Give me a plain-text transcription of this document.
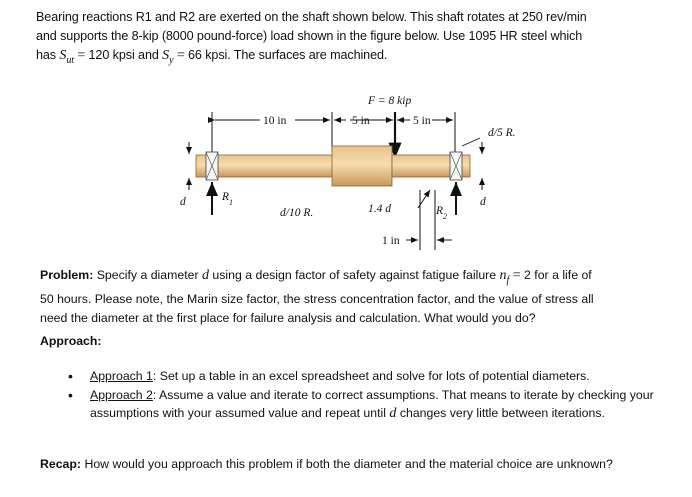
Bearing reactions R1 and R2 are exerted on the shaft shown below. This shaft rotates at 250 rev/min
and supports the 8-kip (8000 pound-force) load shown in the figure below. Use 1095 HR steel which
has $S_{ut} = 120$ kpsi and $S_y = 66$ kpsi. The surfaces are machined.
F = 8 kip
10 in	5 in	5 in
$R_1$
$R_2$
d	d
d/5 R.
d/10 R.	1.4 d
1 in
Problem: Specify a diameter d using a design factor of safety against fatigue failure $n_f = 2$ for a life of
50 hours. Please note, the Marin size factor, the stress concentration factor, and the value of stress all
need the diameter at the first place for failure analysis and calculation. What would you do?
Approach:
• Approach 1: Set up a table in an excel spreadsheet and solve for lots of potential diameters.
• Approach 2: Assume a value and iterate to correct assumptions. That means to iterate by checking your assumptions with your assumed value and repeat until d changes very little between iterations.
Recap: How would you approach this problem if both the diameter and the material choice are unknown?
